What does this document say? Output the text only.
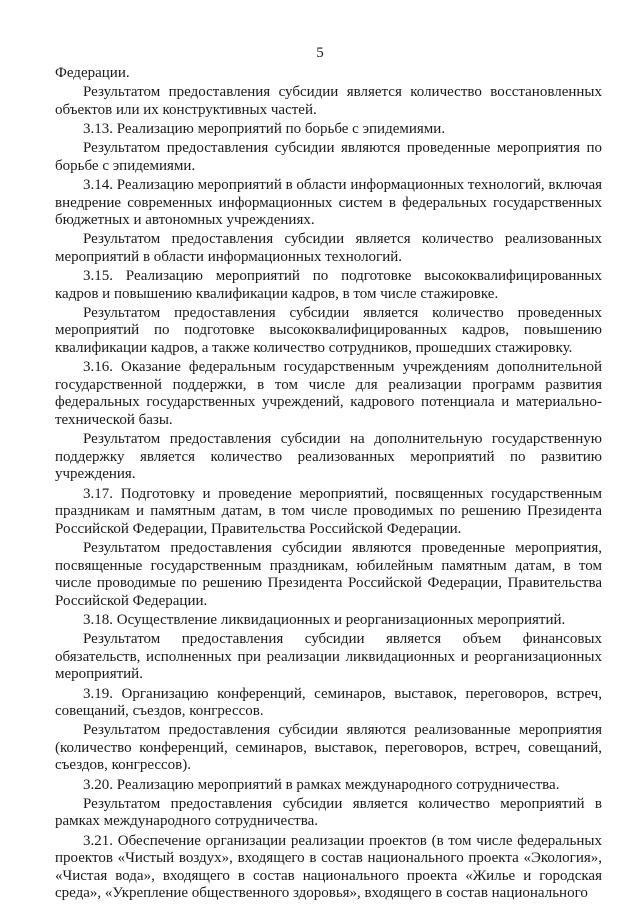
5

Федерации.

Результатом предоставления субсидии является количество восстановленных объектов или их конструктивных частей.

3.13. Реализацию мероприятий по борьбе с эпидемиями.

Результатом предоставления субсидии являются проведенные мероприятия по борьбе с эпидемиями.

3.14. Реализацию мероприятий в области информационных технологий, включая внедрение современных информационных систем в федеральных государственных бюджетных и автономных учреждениях.

Результатом предоставления субсидии является количество реализованных мероприятий в области информационных технологий.

3.15. Реализацию мероприятий по подготовке высококвалифицированных кадров и повышению квалификации кадров, в том числе стажировке.

Результатом предоставления субсидии является количество проведенных мероприятий по подготовке высококвалифицированных кадров, повышению квалификации кадров, а также количество сотрудников, прошедших стажировку.

3.16. Оказание федеральным государственным учреждениям дополнительной государственной поддержки, в том числе для реализации программ развития федеральных государственных учреждений, кадрового потенциала и материально-технической базы.

Результатом предоставления субсидии на дополнительную государственную поддержку является количество реализованных мероприятий по развитию учреждения.

3.17. Подготовку и проведение мероприятий, посвященных государственным праздникам и памятным датам, в том числе проводимых по решению Президента Российской Федерации, Правительства Российской Федерации.

Результатом предоставления субсидии являются проведенные мероприятия, посвященные государственным праздникам, юбилейным памятным датам, в том числе проводимые по решению Президента Российской Федерации, Правительства Российской Федерации.

3.18. Осуществление ликвидационных и реорганизационных мероприятий.

Результатом предоставления субсидии является объем финансовых обязательств, исполненных при реализации ликвидационных и реорганизационных мероприятий.

3.19. Организацию конференций, семинаров, выставок, переговоров, встреч, совещаний, съездов, конгрессов.

Результатом предоставления субсидии являются реализованные мероприятия (количество конференций, семинаров, выставок, переговоров, встреч, совещаний, съездов, конгрессов).

3.20. Реализацию мероприятий в рамках международного сотрудничества.

Результатом предоставления субсидии является количество мероприятий в рамках международного сотрудничества.

3.21. Обеспечение организации реализации проектов (в том числе федеральных проектов «Чистый воздух», входящего в состав национального проекта «Экология», «Чистая вода», входящего в состав национального проекта «Жилье и городская среда», «Укрепление общественного здоровья», входящего в состав национального
